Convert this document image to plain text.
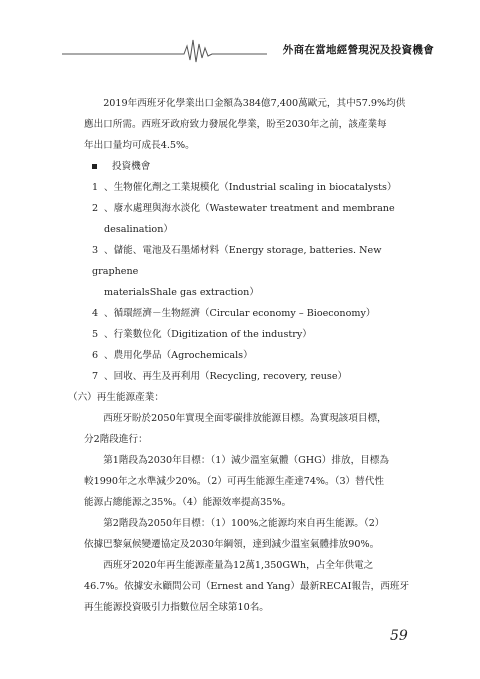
外商在當地經營現況及投資機會

2019年西班牙化學業出口金額為384億7,400萬歐元，其中57.9%均供

應出口所需。西班牙政府致力發展化學業，盼至2030年之前，該產業每

年出口量均可成長4.5%。

投資機會

1 、生物催化劑之工業規模化（Industrial scaling in biocatalysts）

2 、廢水處理與海水淡化（Wastewater treatment and membrane

desalination）

3 、儲能、電池及石墨烯材料（Energy storage, batteries. New graphene

materialsShale gas extraction）

4 、循環經濟－生物經濟（Circular economy – Bioeconomy）

5 、行業數位化（Digitization of the industry）

6 、農用化學品（Agrochemicals）

7 、回收、再生及再利用（Recycling, recovery, reuse）

（六）再生能源產業：

西班牙盼於2050年實現全面零碳排放能源目標。為實現該項目標，

分2階段進行：

第1階段為2030年目標：（1）減少溫室氣體（GHG）排放，目標為

較1990年之水準減少20%。（2）可再生能源生產達74%。（3）替代性

能源占總能源之35%。（4）能源效率提高35%。

第2階段為2050年目標：（1）100%之能源均來自再生能源。（2）

依據巴黎氣候變遷協定及2030年綱領，達到減少溫室氣體排放90%。

西班牙2020年再生能源產量為12萬1,350GWh，占全年供電之

46.7%。依據安永顧問公司（Ernest and Yang）最新RECAI報告，西班牙

再生能源投資吸引力指數位居全球第10名。

59
